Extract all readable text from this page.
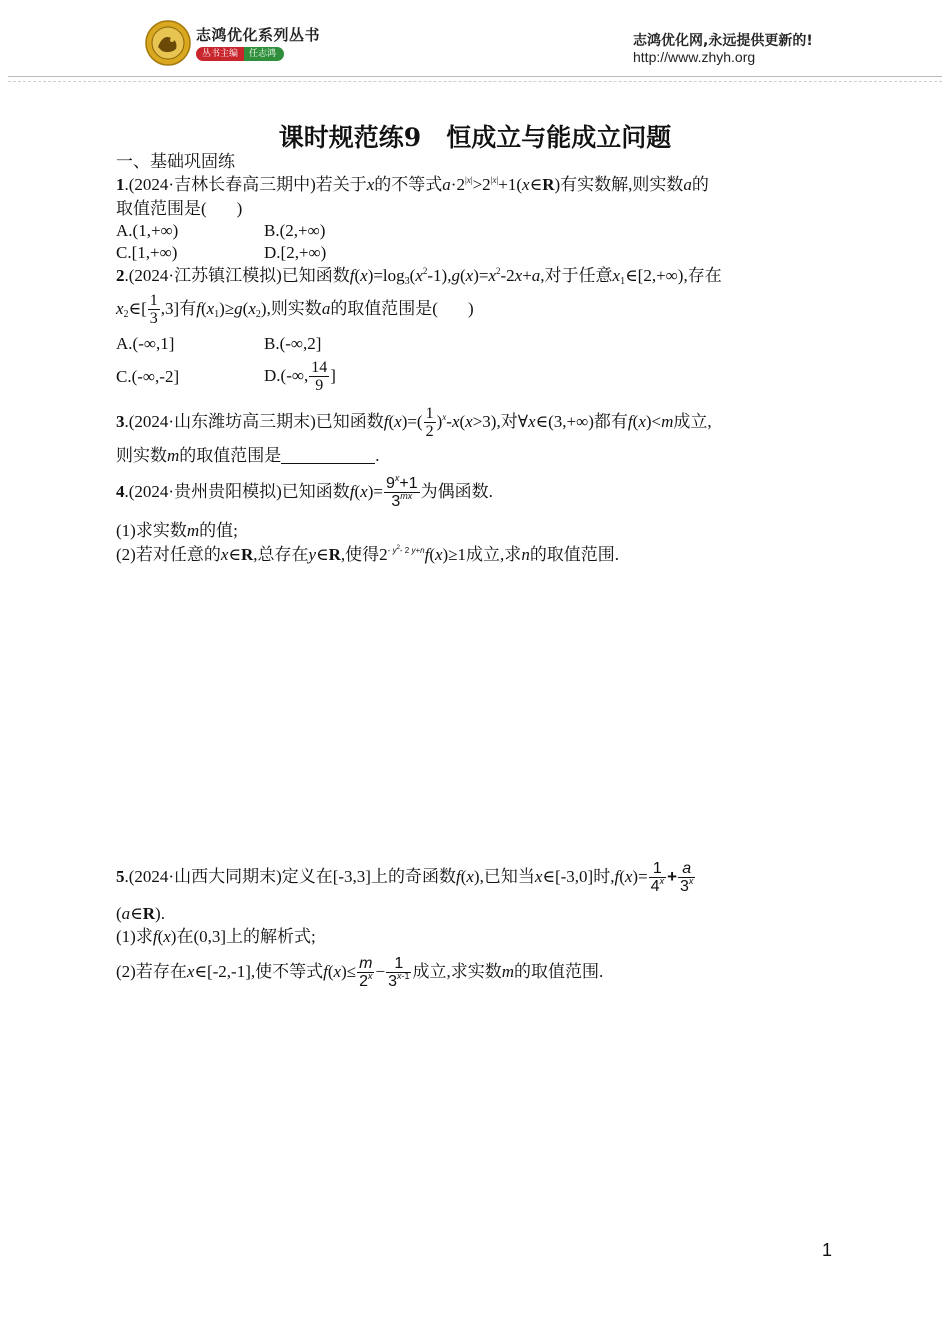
志鸿优化系列丛书
丛书主编	任志鸿
志鸿优化网,永远提供更新的!
http://www.zhyh.org
课时规范练9　恒成立与能成立问题
一、基础巩固练
1.(2024·吉林长春高三期中)若关于x的不等式$a\cdot 2^{|x|}>2^{|x|}+1(x\in R)$有实数解,则实数a的
取值范围是( )
A.(1,+∞)	B.(2,+∞)
C.[1,+∞)	D.[2,+∞)
2.(2024·江苏镇江模拟)已知函数$f(x)=\log_3(x^2-1),g(x)=x^2-2x+a$,对于任意$x_1\in[2,+\infty)$,存在
$x_2\in[ \frac{1}{3} ,3]$有$f(x_1)\ge g(x_2)$,则实数a的取值范围是( )
A.(-∞,1]	B.(-∞,2]
C.(-∞,-2]	D.(-∞, $\frac{14}{9}$ ]
3.(2024·山东潍坊高三期末)已知函数$f(x)=( \frac{1}{2} )^x-x(x>3)$,对∀x∈(3,+∞)都有f(x)<m成立,
则实数m的取值范围是	.
4.(2024·贵州贵阳模拟)已知函数$f(x)= \frac{9^x+1}{3^{mx}}$ 为偶函数.
(1)求实数m的值;
(2)若对任意的x∈R,总存在y∈R,使得$2^{- y^2- 2 y+n}f(x)\ge 1$成立,求n的取值范围.
5.(2024·山西大同期末)定义在[-3,3]上的奇函数f(x),已知当x∈[-3,0]时$,f(x)= \frac{1}{4^x} + \frac{a}{3^x}$
(a∈R).
(1)求f(x)在(0,3]上的解析式;
(2)若存在x∈[-2,-1],使不等式$f(x)\le \frac{m}{2^x} - \frac{1}{3^{x-1}}$ 成立,求实数m的取值范围.
1
